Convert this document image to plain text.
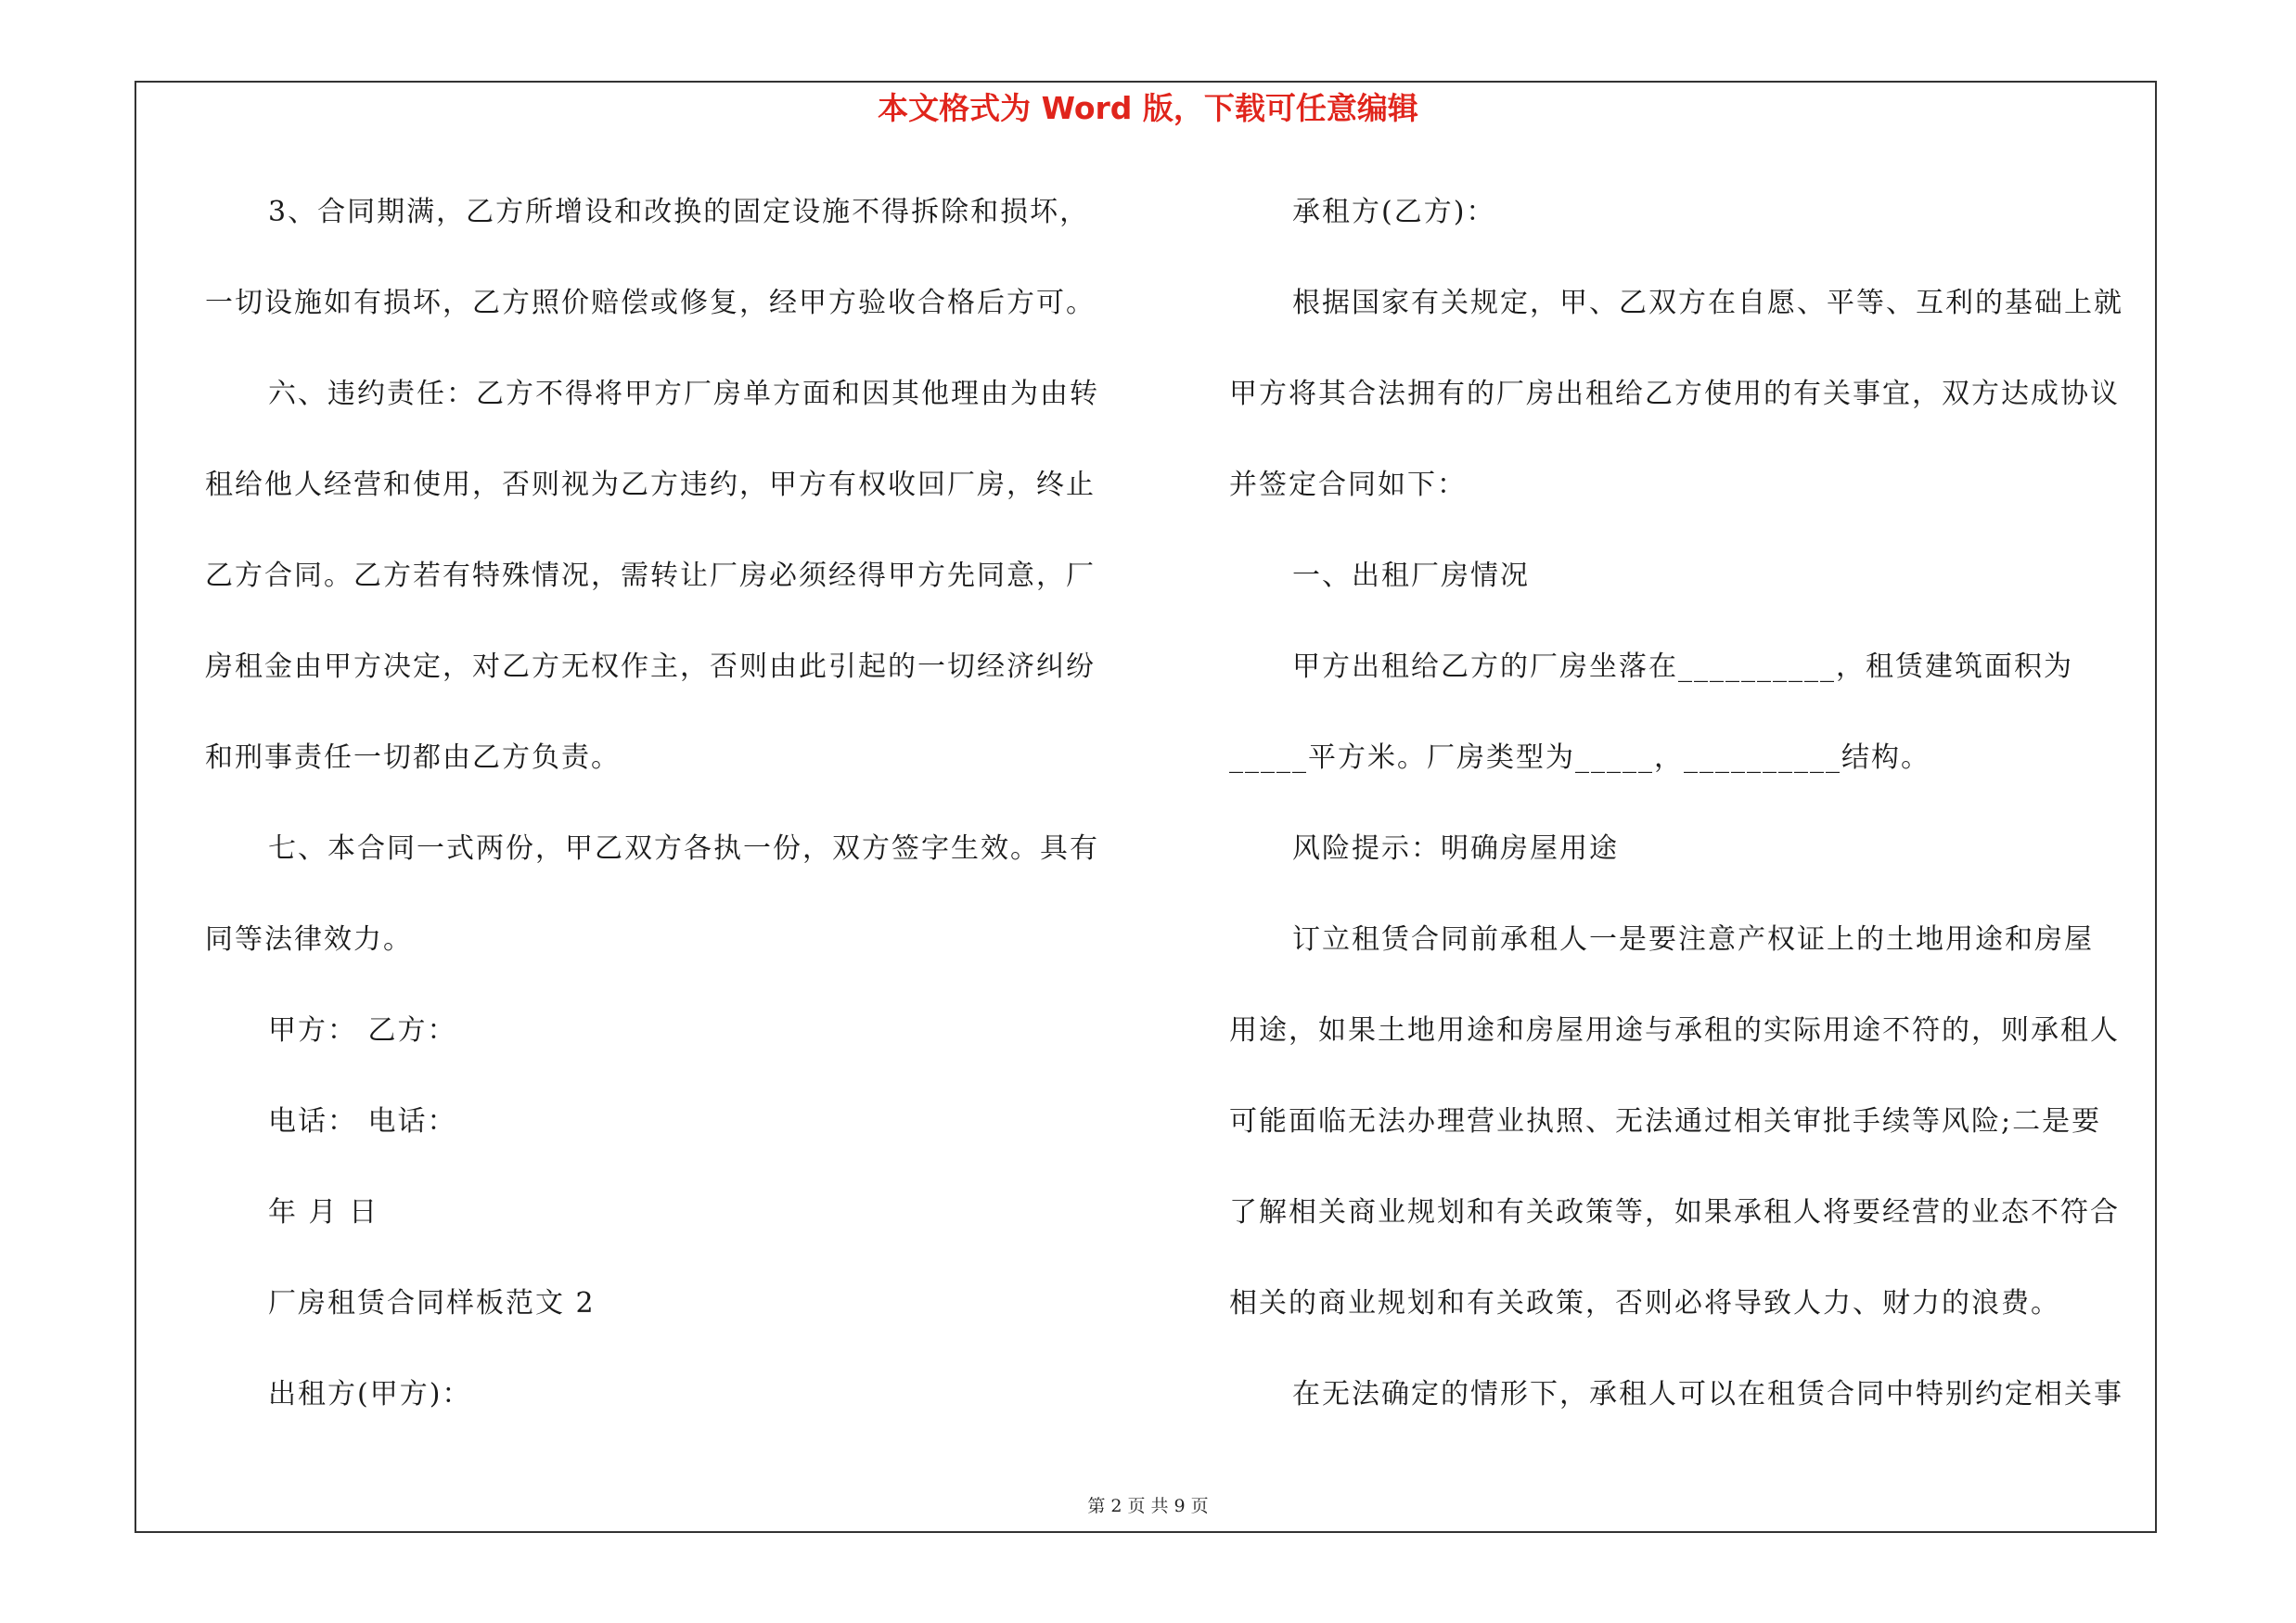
本文格式为 Word 版，下载可任意编辑
3、合同期满，乙方所增设和改换的固定设施不得拆除和损坏，
一切设施如有损坏，乙方照价赔偿或修复，经甲方验收合格后方可。
六、违约责任：乙方不得将甲方厂房单方面和因其他理由为由转
租给他人经营和使用，否则视为乙方违约，甲方有权收回厂房，终止
乙方合同。乙方若有特殊情况，需转让厂房必须经得甲方先同意，厂
房租金由甲方决定，对乙方无权作主，否则由此引起的一切经济纠纷
和刑事责任一切都由乙方负责。
七、本合同一式两份，甲乙双方各执一份，双方签字生效。具有
同等法律效力。
甲方： 乙方：
电话： 电话：
年 月 日
厂房租赁合同样板范文 2
出租方(甲方)：
承租方(乙方)：
根据国家有关规定，甲、乙双方在自愿、平等、互利的基础上就
甲方将其合法拥有的厂房出租给乙方使用的有关事宜，双方达成协议
并签定合同如下：
一、出租厂房情况
甲方出租给乙方的厂房坐落在__________，租赁建筑面积为
_____平方米。厂房类型为_____，__________结构。
风险提示：明确房屋用途
订立租赁合同前承租人一是要注意产权证上的土地用途和房屋
用途，如果土地用途和房屋用途与承租的实际用途不符的，则承租人
可能面临无法办理营业执照、无法通过相关审批手续等风险;二是要
了解相关商业规划和有关政策等，如果承租人将要经营的业态不符合
相关的商业规划和有关政策，否则必将导致人力、财力的浪费。
在无法确定的情形下，承租人可以在租赁合同中特别约定相关事
第 2 页 共 9 页
